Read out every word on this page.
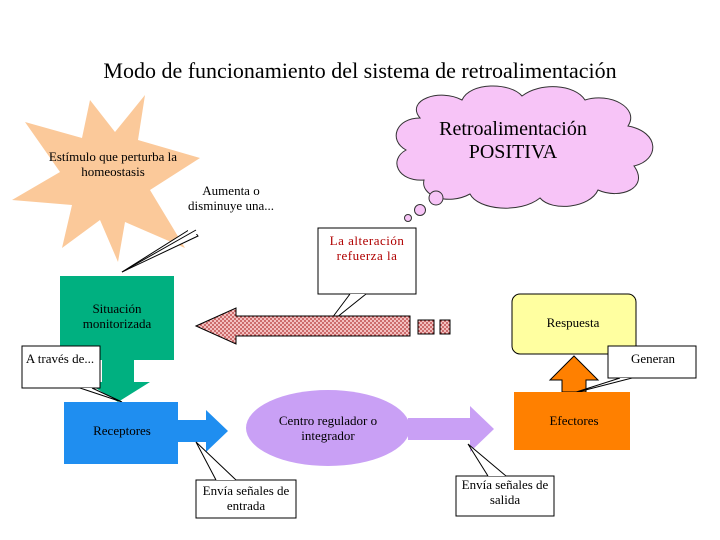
Modo de funcionamiento del sistema de retroalimentación
Estímulo que perturba la homeostasis
Aumenta o disminuye una...
Retroalimentación POSITIVA
La alteración refuerza la
Situación monitorizada	Respuesta
A través de...	Generan
Receptores
Centro regulador o integrador
Efectores
Envía señales de entrada
Envía señales de salida
